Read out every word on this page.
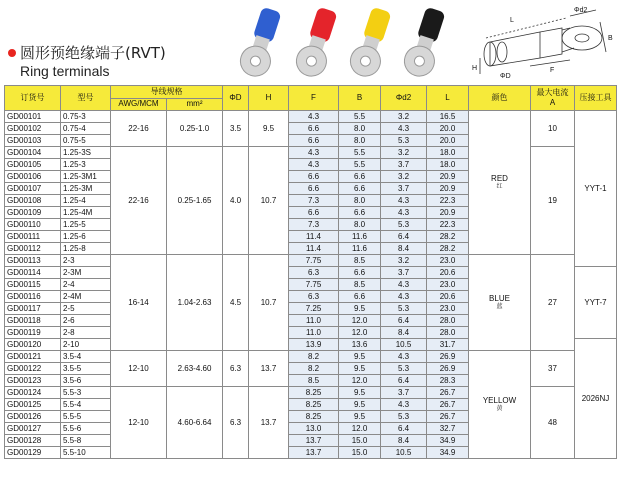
L
Φd2
B
H
ΦD
F
圆形预绝缘端子(RVT)
Ring terminals
订货号	型号	导线规格		ΦD	H	F	B	Φd2	L	颜色	最大电流
A	压接工具
		AWG/MCM	mm²									
GD00101	0.75-3	22-16	0.25-1.0	3.5	9.5	4.3	5.5	3.2	16.5	RED
红	10	YYT-1
GD00102	0.75-4					6.6	8.0	4.3	20.0			
GD00103	0.75-5					6.6	8.0	5.3	20.0			
GD00104	1.25-3S	22-16	0.25-1.65	4.0	10.7	4.3	5.5	3.2	18.0		19	
GD00105	1.25-3					4.3	5.5	3.7	18.0			
GD00106	1.25-3M1					6.6	6.6	3.2	20.9			
GD00107	1.25-3M					6.6	6.6	3.7	20.9			
GD00108	1.25-4					7.3	8.0	4.3	22.3			
GD00109	1.25-4M					6.6	6.6	4.3	20.9			
GD00110	1.25-5					7.3	8.0	5.3	22.3			
GD00111	1.25-6					11.4	11.6	6.4	28.2			
GD00112	1.25-8					11.4	11.6	8.4	28.2			
GD00113	2-3	16-14	1.04-2.63	4.5	10.7	7.75	8.5	3.2	23.0	BLUE
蓝	27	
GD00114	2-3M					6.3	6.6	3.7	20.6			YYT-7
GD00115	2-4					7.75	8.5	4.3	23.0			
GD00116	2-4M					6.3	6.6	4.3	20.6			
GD00117	2-5					7.25	9.5	5.3	23.0			
GD00118	2-6					11.0	12.0	6.4	28.0			
GD00119	2-8					11.0	12.0	8.4	28.0			
GD00120	2-10					13.9	13.6	10.5	31.7			2026NJ
GD00121	3.5-4	12-10	2.63-4.60	6.3	13.7	8.2	9.5	4.3	26.9	YELLOW
黄	37	
GD00122	3.5-5					8.2	9.5	5.3	26.9			
GD00123	3.5-6					8.5	12.0	6.4	28.3			
GD00124	5.5-3	12-10	4.60-6.64	6.3	13.7	8.25	9.5	3.7	26.7		48	
GD00125	5.5-4					8.25	9.5	4.3	26.7			
GD00126	5.5-5					8.25	9.5	5.3	26.7			
GD00127	5.5-6					13.0	12.0	6.4	32.7			
GD00128	5.5-8					13.7	15.0	8.4	34.9			
GD00129	5.5-10					13.7	15.0	10.5	34.9			
